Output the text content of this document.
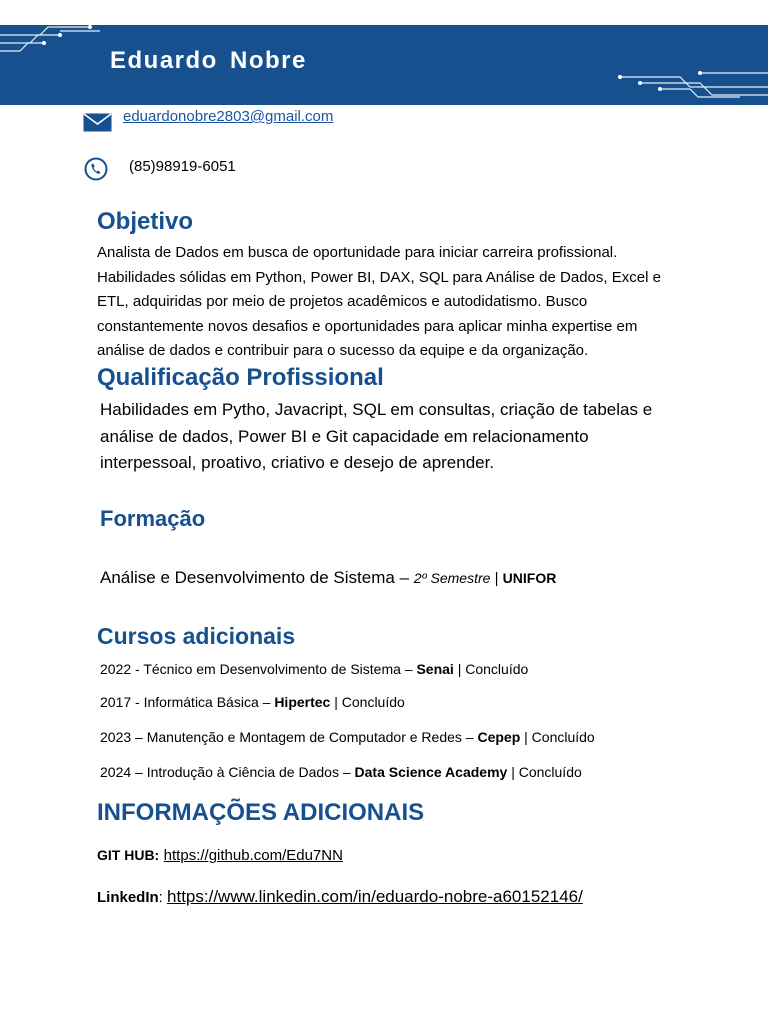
Eduardo Nobre
eduardonobre2803@gmail.com
(85)98919-6051
Objetivo
Analista de Dados em busca de oportunidade para iniciar carreira profissional.
Habilidades sólidas em Python, Power BI, DAX, SQL para Análise de Dados, Excel e
ETL, adquiridas por meio de projetos acadêmicos e autodidatismo. Busco
constantemente novos desafios e oportunidades para aplicar minha expertise em
análise de dados e contribuir para o sucesso da equipe e da organização.
Qualificação Profissional
Habilidades em Pytho, Javacript, SQL em consultas, criação de tabelas e
análise de dados, Power BI e Git capacidade em relacionamento
interpessoal, proativo, criativo e desejo de aprender.
Formação
Análise e Desenvolvimento de Sistema – 2º Semestre | UNIFOR
Cursos adicionais
2022 - Técnico em Desenvolvimento de Sistema – Senai | Concluído
2017 - Informática Básica – Hipertec | Concluído
2023 – Manutenção e Montagem de Computador e Redes – Cepep | Concluído
2024 – Introdução à Ciência de Dados – Data Science Academy | Concluído
INFORMAÇÕES ADICIONAIS
GIT HUB: https://github.com/Edu7NN
LinkedIn: https://www.linkedin.com/in/eduardo-nobre-a60152146/
